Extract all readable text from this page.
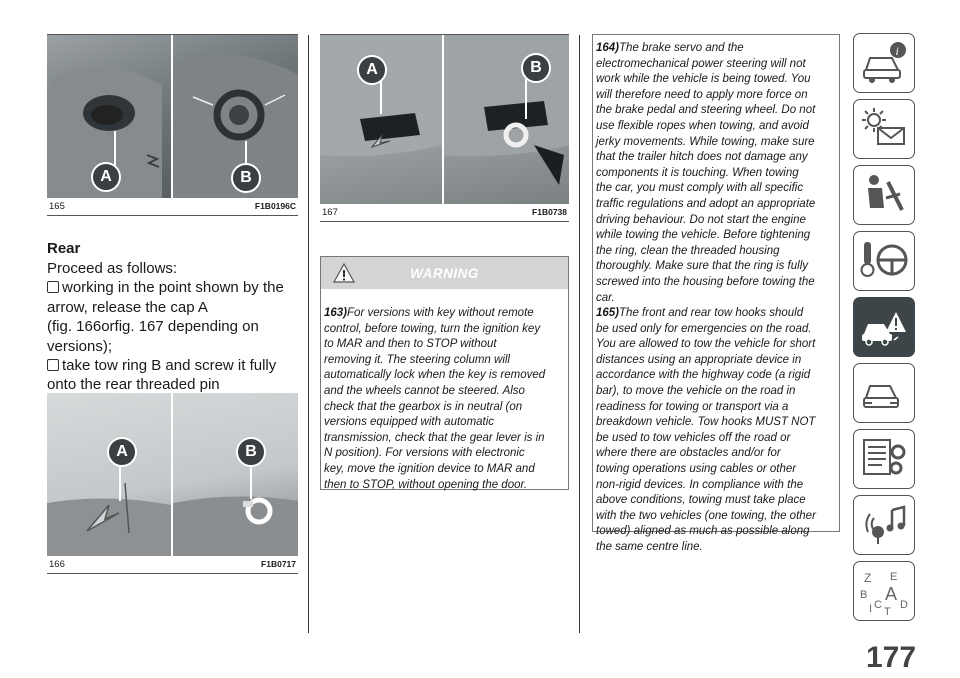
A	B
165	F1B0196C
Rear
Proceed as follows:
working in the point shown by the
arrow, release the cap A
(fig. 166orfig. 167 depending on
versions);
take tow ring B and screw it fully
onto the rear threaded pin
A	B
166	F1B0717
A	B
167	F1B0738
WARNING
163)For versions with key without remote
control, before towing, turn the ignition key
to MAR and then to STOP without
removing it. The steering column will
automatically lock when the key is removed
and the wheels cannot be steered. Also
check that the gearbox is in neutral (on
versions equipped with automatic
transmission, check that the gear lever is in
N position). For versions with electronic
key, move the ignition device to MAR and
then to STOP, without opening the door.
164)The brake servo and the
electromechanical power steering will not
work while the vehicle is being towed. You
will therefore need to apply more force on
the brake pedal and steering wheel. Do not
use flexible ropes when towing, and avoid
jerky movements. While towing, make sure
that the trailer hitch does not damage any
components it is touching. When towing
the car, you must comply with all specific
traffic regulations and adopt an appropriate
driving behaviour. Do not start the engine
while towing the vehicle. Before tightening
the ring, clean the threaded housing
thoroughly. Make sure that the ring is fully
screwed into the housing before towing the
car.
165)The front and rear tow hooks should
be used only for emergencies on the road.
You are allowed to tow the vehicle for short
distances using an appropriate device in
accordance with the highway code (a rigid
bar), to move the vehicle on the road in
readiness for towing or transport via a
breakdown vehicle. Tow hooks MUST NOT
be used to tow vehicles off the road or
where there are obstacles and/or for
towing operations using cables or other
non-rigid devices. In compliance with the
above conditions, towing must take place
with the two vehicles (one towing, the other
towed) aligned as much as possible along
the same centre line.
i
Z E
B A
C D
T
I
177
